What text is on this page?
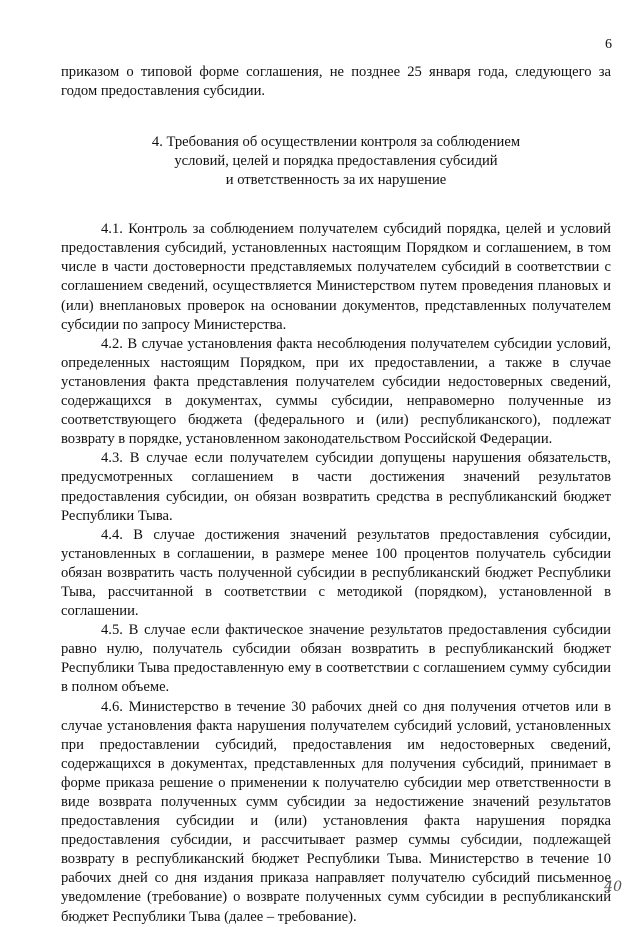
6

приказом о типовой форме соглашения, не позднее 25 января года, следующего за годом предоставления субсидии.

4. Требования об осуществлении контроля за соблюдением
условий, целей и порядка предоставления субсидий
и ответственность за их нарушение

4.1. Контроль за соблюдением получателем субсидий порядка, целей и условий предоставления субсидий, установленных настоящим Порядком и соглашением, в том числе в части достоверности представляемых получателем субсидий в соответствии с соглашением сведений, осуществляется Министерством путем проведения плановых и (или) внеплановых проверок на основании документов, представленных получателем субсидии по запросу Министерства.

4.2. В случае установления факта несоблюдения получателем субсидии условий, определенных настоящим Порядком, при их предоставлении, а также в случае установления факта представления получателем субсидии недостоверных сведений, содержащихся в документах, суммы субсидии, неправомерно полученные из соответствующего бюджета (федерального и (или) республиканского), подлежат возврату в порядке, установленном законодательством Российской Федерации.

4.3. В случае если получателем субсидии допущены нарушения обязательств, предусмотренных соглашением в части достижения значений результатов предоставления субсидии, он обязан возвратить средства в республиканский бюджет Республики Тыва.

4.4. В случае достижения значений результатов предоставления субсидии, установленных в соглашении, в размере менее 100 процентов получатель субсидии обязан возвратить часть полученной субсидии в республиканский бюджет Республики Тыва, рассчитанной в соответствии с методикой (порядком), установленной в соглашении.

4.5. В случае если фактическое значение результатов предоставления субсидии равно нулю, получатель субсидии обязан возвратить в республиканский бюджет Республики Тыва предоставленную ему в соответствии с соглашением сумму субсидии в полном объеме.

4.6. Министерство в течение 30 рабочих дней со дня получения отчетов или в случае установления факта нарушения получателем субсидий условий, установленных при предоставлении субсидий, предоставления им недостоверных сведений, содержащихся в документах, представленных для получения субсидий, принимает в форме приказа решение о применении к получателю субсидии мер ответственности в виде возврата полученных сумм субсидии за недостижение значений результатов предоставления субсидии и (или) установления факта нарушения порядка предоставления субсидии, и рассчитывает размер суммы субсидии, подлежащей возврату в республиканский бюджет Республики Тыва. Министерство в течение 10 рабочих дней со дня издания приказа направляет получателю субсидий письменное уведомление (требование) о возврате полученных сумм субсидии в республиканский бюджет Республики Тыва (далее – требование).

40
